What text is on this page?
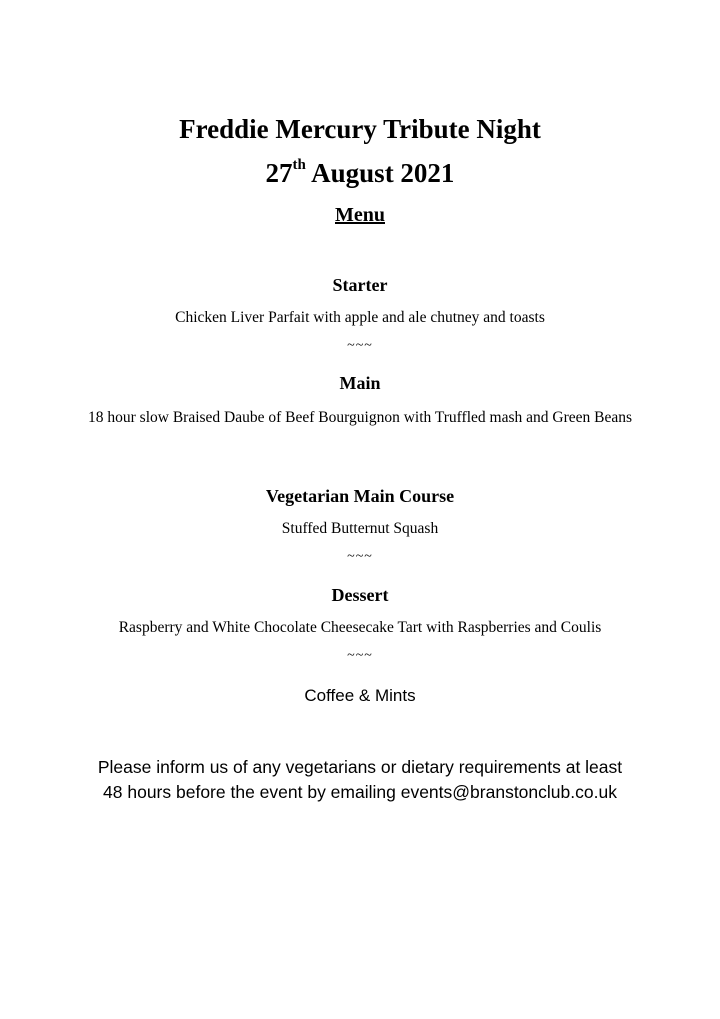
Freddie Mercury Tribute Night
27th August 2021
Menu
Starter
Chicken Liver Parfait with apple and ale chutney and toasts
~~~
Main
18 hour slow Braised Daube of Beef Bourguignon with Truffled mash and Green Beans
Vegetarian Main Course
Stuffed Butternut Squash
~~~
Dessert
Raspberry and White Chocolate Cheesecake Tart with Raspberries and Coulis
~~~
Coffee & Mints
Please inform us of any vegetarians or dietary requirements at least
48 hours before the event by emailing events@branstonclub.co.uk
